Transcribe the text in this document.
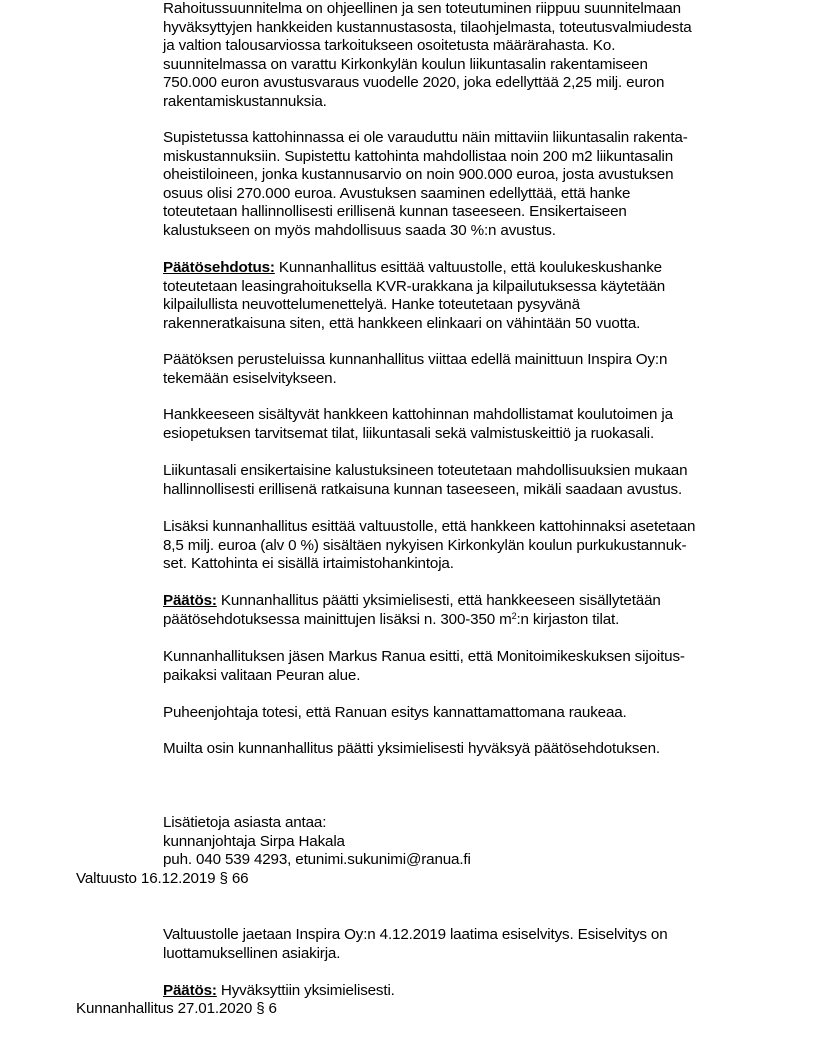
Rahoitussuunnitelma on ohjeellinen ja sen toteutuminen riippuu suunnitelmaan
hyväksyttyjen hankkeiden kustannustasosta, tilaohjelmasta, toteutusvalmiudesta
ja valtion talousarviossa tarkoitukseen osoitetusta määrärahasta. Ko.
suunnitelmassa on varattu Kirkonkylän koulun liikuntasalin rakentamiseen
750.000 euron avustusvaraus vuodelle 2020, joka edellyttää 2,25 milj. euron
rakentamiskustannuksia.
Supistetussa kattohinnassa ei ole varauduttu näin mittaviin liikuntasalin rakenta-
miskustannuksiin. Supistettu kattohinta mahdollistaa noin 200 m2 liikuntasalin
oheistiloineen, jonka kustannusarvio on noin 900.000 euroa, josta avustuksen
osuus olisi 270.000 euroa. Avustuksen saaminen edellyttää, että hanke
toteutetaan hallinnollisesti erillisenä kunnan taseeseen. Ensikertaiseen
kalustukseen on myös mahdollisuus saada 30 %:n avustus.
Päätösehdotus: Kunnanhallitus esittää valtuustolle, että koulukeskushanke
toteutetaan leasingrahoituksella KVR-urakkana ja kilpailutuksessa käytetään
kilpailullista neuvottelumenettelyä. Hanke toteutetaan pysyvänä
rakenneratkaisuna siten, että hankkeen elinkaari on vähintään 50 vuotta.
Päätöksen perusteluissa kunnanhallitus viittaa edellä mainittuun Inspira Oy:n
tekemään esiselvitykseen.
Hankkeeseen sisältyvät hankkeen kattohinnan mahdollistamat koulutoimen ja
esiopetuksen tarvitsemat tilat, liikuntasali sekä valmistuskeittiö ja ruokasali.
Liikuntasali ensikertaisine kalustuksineen toteutetaan mahdollisuuksien mukaan
hallinnollisesti erillisenä ratkaisuna kunnan taseeseen, mikäli saadaan avustus.
Lisäksi kunnanhallitus esittää valtuustolle, että hankkeen kattohinnaksi asetetaan
8,5 milj. euroa (alv 0 %) sisältäen nykyisen Kirkonkylän koulun purkukustannuk-
set. Kattohinta ei sisällä irtaimistohankintoja.
Päätös: Kunnanhallitus päätti yksimielisesti, että hankkeeseen sisällytetään
päätösehdotuksessa mainittujen lisäksi n. 300-350 $m^2:n$ kirjaston tilat.
Kunnanhallituksen jäsen Markus Ranua esitti, että Monitoimikeskuksen sijoitus-
paikaksi valitaan Peuran alue.
Puheenjohtaja totesi, että Ranuan esitys kannattamattomana raukeaa.
Muilta osin kunnanhallitus päätti yksimielisesti hyväksyä päätösehdotuksen.
Lisätietoja asiasta antaa:
kunnanjohtaja Sirpa Hakala
puh. 040 539 4293, etunimi.sukunimi@ranua.fi
Valtuusto 16.12.2019 § 66
Valtuustolle jaetaan Inspira Oy:n 4.12.2019 laatima esiselvitys. Esiselvitys on
luottamuksellinen asiakirja.
Päätös: Hyväksyttiin yksimielisesti.
Kunnanhallitus 27.01.2020 § 6
